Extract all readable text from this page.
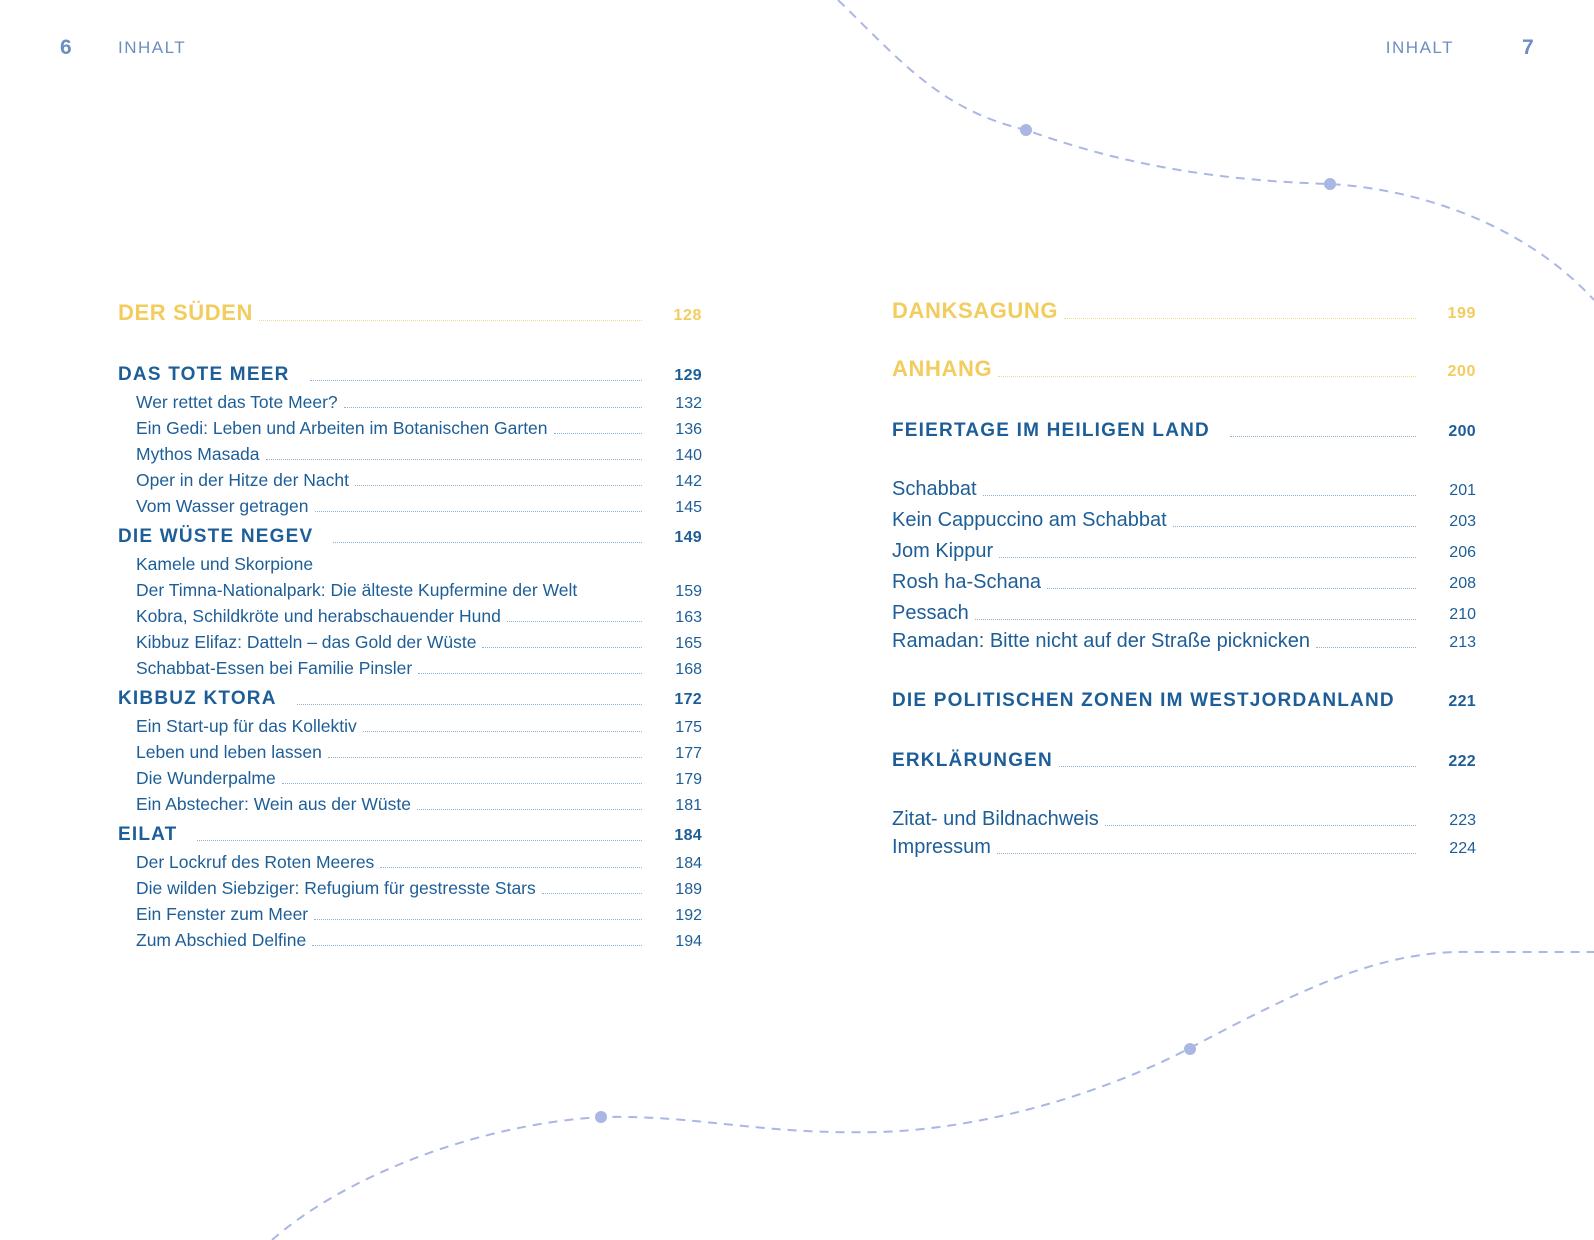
6	INHALT	INHALT	7
DER SÜDEN	128
DAS TOTE MEER	129
Wer rettet das Tote Meer?	132
Ein Gedi: Leben und Arbeiten im Botanischen Garten	136
Mythos Masada	140
Oper in der Hitze der Nacht	142
Vom Wasser getragen	145
DIE WÜSTE NEGEV	149
Kamele und Skorpione
Der Timna-Nationalpark: Die älteste Kupfermine der Welt	159
Kobra, Schildkröte und herabschauender Hund	163
Kibbuz Elifaz: Datteln – das Gold der Wüste	165
Schabbat-Essen bei Familie Pinsler	168
KIBBUZ KTORA	172
Ein Start-up für das Kollektiv	175
Leben und leben lassen	177
Die Wunderpalme	179
Ein Abstecher: Wein aus der Wüste	181
EILAT	184
Der Lockruf des Roten Meeres	184
Die wilden Siebziger: Refugium für gestresste Stars	189
Ein Fenster zum Meer	192
Zum Abschied Delfine	194
DANKSAGUNG	199
ANHANG	200
FEIERTAGE IM HEILIGEN LAND	200
Schabbat	201
Kein Cappuccino am Schabbat	203
Jom Kippur	206
Rosh ha-Schana	208
Pessach	210
Ramadan: Bitte nicht auf der Straße picknicken	213
DIE POLITISCHEN ZONEN IM WESTJORDANLAND	221
ERKLÄRUNGEN	222
Zitat- und Bildnachweis	223
Impressum	224
